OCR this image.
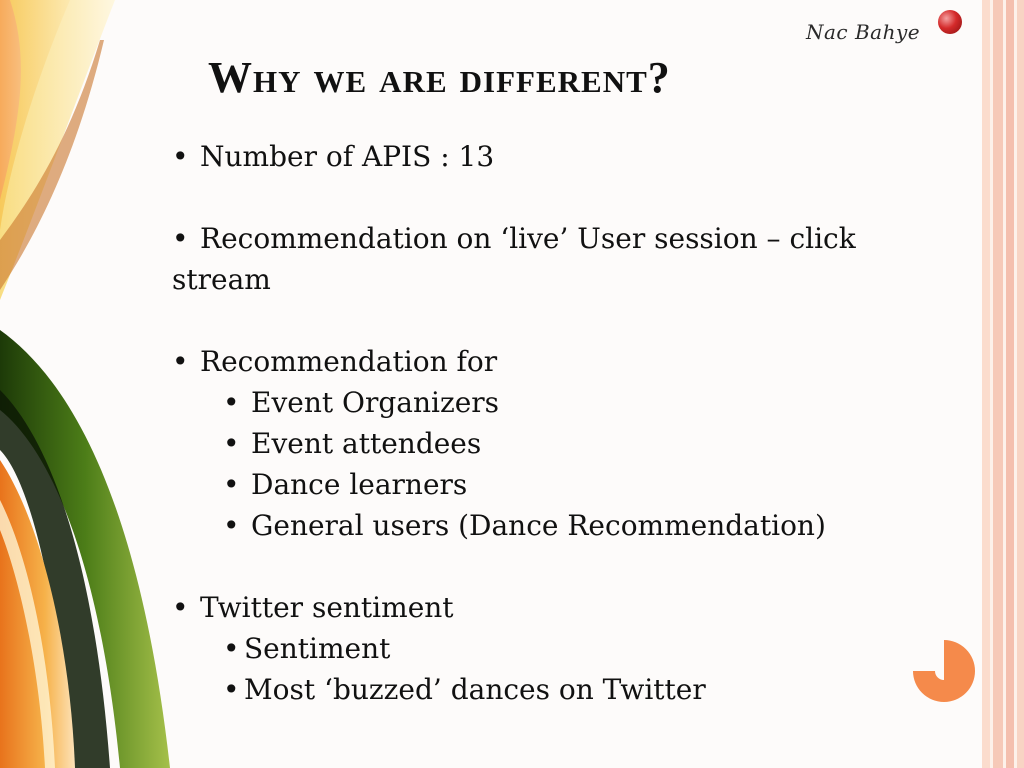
Nac Bahye
Why we are different?
• Number of APIS : 13
• Recommendation on ‘live’ User session – click
stream
• Recommendation for
• Event Organizers
• Event attendees
• Dance learners
• General users (Dance Recommendation)
• Twitter sentiment
• Sentiment
• Most ‘buzzed’ dances on Twitter
